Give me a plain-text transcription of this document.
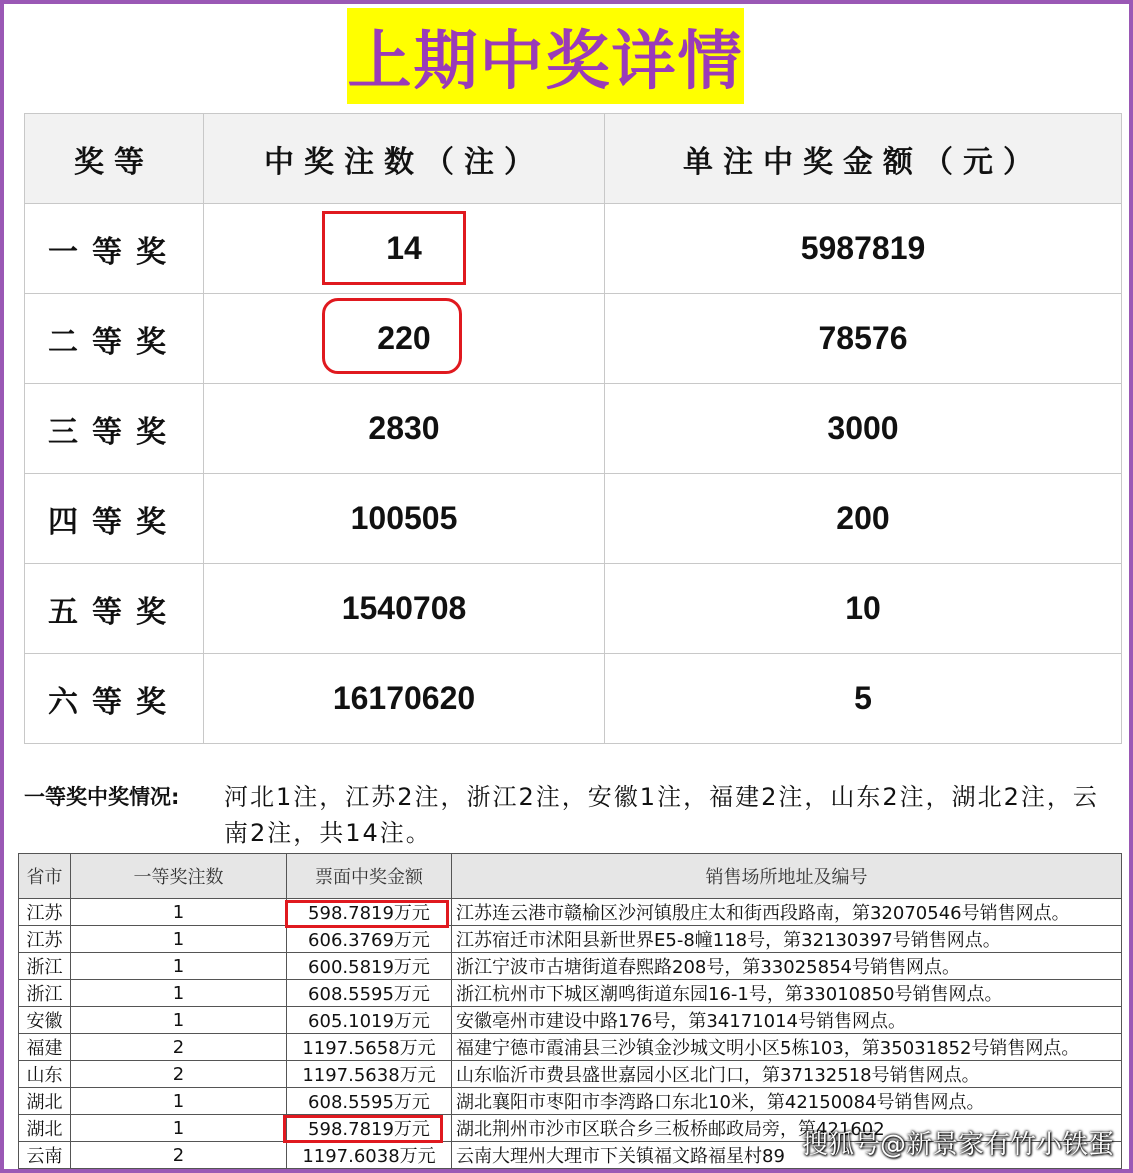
上期中奖详情
奖等	中奖注数（注）	单注中奖金额（元）
一等奖	14	5987819
二等奖	220	78576
三等奖	2830	3000
四等奖	100505	200
五等奖	1540708	10
六等奖	16170620	5
一等奖中奖情况: 河北1注，江苏2注，浙江2注，安徽1注，福建2注，山东2注，湖北2注，云南2注，共14注。
省市	一等奖注数	票面中奖金额	销售场所地址及编号
江苏	1	598.7819万元	江苏连云港市赣榆区沙河镇殷庄太和街西段路南，第32070546号销售网点。
江苏	1	606.3769万元	江苏宿迁市沭阳县新世界E5-8幢118号，第32130397号销售网点。
浙江	1	600.5819万元	浙江宁波市古塘街道春熙路208号，第33025854号销售网点。
浙江	1	608.5595万元	浙江杭州市下城区潮鸣街道东园16-1号，第33010850号销售网点。
安徽	1	605.1019万元	安徽亳州市建设中路176号，第34171014号销售网点。
福建	2	1197.5658万元	福建宁德市霞浦县三沙镇金沙城文明小区5栋103，第35031852号销售网点。
山东	2	1197.5638万元	山东临沂市费县盛世嘉园小区北门口，第37132518号销售网点。
湖北	1	608.5595万元	湖北襄阳市枣阳市李湾路口东北10米，第42150084号销售网点。
湖北	1	598.7819万元	湖北荆州市沙市区联合乡三板桥邮政局旁，第421602
云南	2	1197.6038万元	云南大理州大理市下关镇福文路福星村89 搜狐号@新景家有竹小铁蛋
